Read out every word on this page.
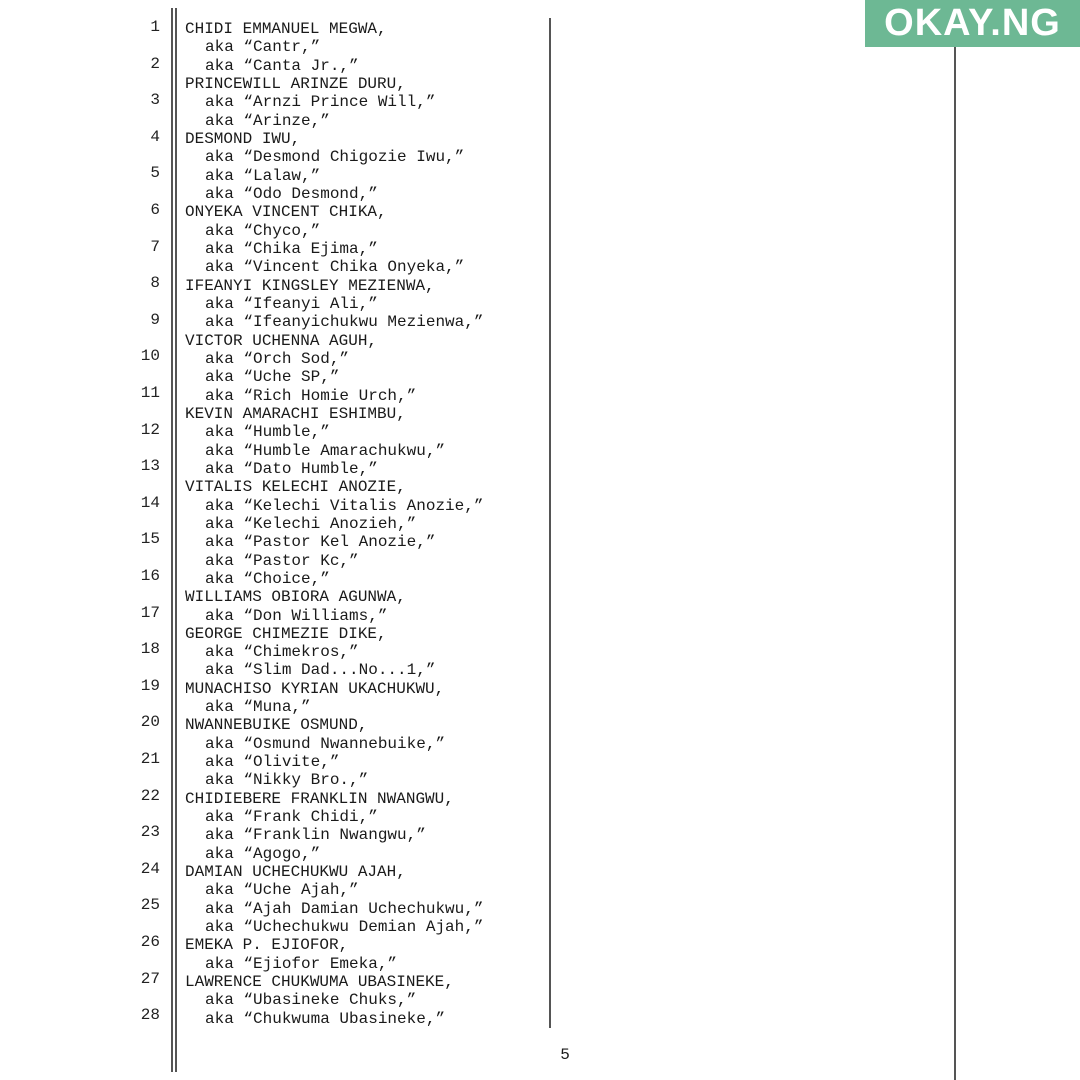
1
2
3
4
5
6
7
8
9
10
11
12
13
14
15
16
17
18
19
20
21
22
23
24
25
26
27
28
CHIDI EMMANUEL MEGWA,
aka “Cantr,”
aka “Canta Jr.,”
PRINCEWILL ARINZE DURU,
aka “Arnzi Prince Will,”
aka “Arinze,”
DESMOND IWU,
aka “Desmond Chigozie Iwu,”
aka “Lalaw,”
aka “Odo Desmond,”
ONYEKA VINCENT CHIKA,
aka “Chyco,”
aka “Chika Ejima,”
aka “Vincent Chika Onyeka,”
IFEANYI KINGSLEY MEZIENWA,
aka “Ifeanyi Ali,”
aka “Ifeanyichukwu Mezienwa,”
VICTOR UCHENNA AGUH,
aka “Orch Sod,”
aka “Uche SP,”
aka “Rich Homie Urch,”
KEVIN AMARACHI ESHIMBU,
aka “Humble,”
aka “Humble Amarachukwu,”
aka “Dato Humble,”
VITALIS KELECHI ANOZIE,
aka “Kelechi Vitalis Anozie,”
aka “Kelechi Anozieh,”
aka “Pastor Kel Anozie,”
aka “Pastor Kc,”
aka “Choice,”
WILLIAMS OBIORA AGUNWA,
aka “Don Williams,”
GEORGE CHIMEZIE DIKE,
aka “Chimekros,”
aka “Slim Dad...No...1,”
MUNACHISO KYRIAN UKACHUKWU,
aka “Muna,”
NWANNEBUIKE OSMUND,
aka “Osmund Nwannebuike,”
aka “Olivite,”
aka “Nikky Bro.,”
CHIDIEBERE FRANKLIN NWANGWU,
aka “Frank Chidi,”
aka “Franklin Nwangwu,”
aka “Agogo,”
DAMIAN UCHECHUKWU AJAH,
aka “Uche Ajah,”
aka “Ajah Damian Uchechukwu,”
aka “Uchechukwu Demian Ajah,”
EMEKA P. EJIOFOR,
aka “Ejiofor Emeka,”
LAWRENCE CHUKWUMA UBASINEKE,
aka “Ubasineke Chuks,”
aka “Chukwuma Ubasineke,”
5
OKAY.NG
